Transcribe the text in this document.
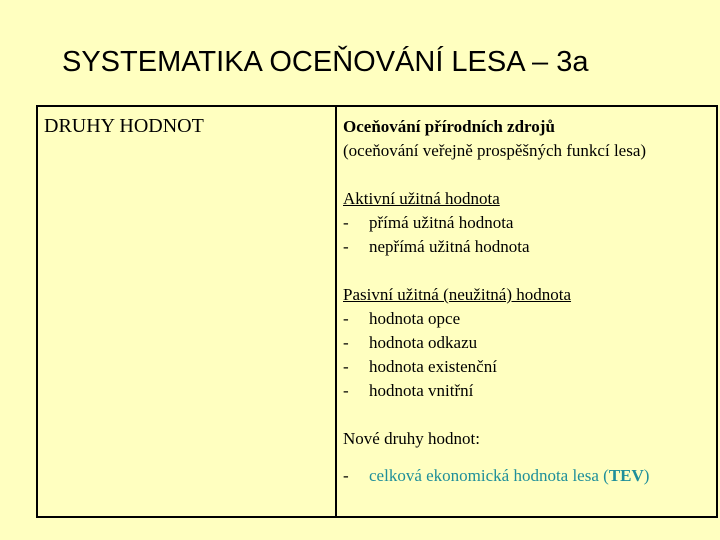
SYSTEMATIKA OCEŇOVÁNÍ LESA – 3a
DRUHY HODNOT	Oceňování přírodních zdrojů
(oceňování veřejně prospěšných funkcí lesa)
Aktivní užitná hodnota
- přímá užitná hodnota
- nepřímá užitná hodnota
Pasivní užitná (neužitná) hodnota
- hodnota opce
- hodnota odkazu
- hodnota existenční
- hodnota vnitřní
Nové druhy hodnot:
- celková ekonomická hodnota lesa (TEV)
